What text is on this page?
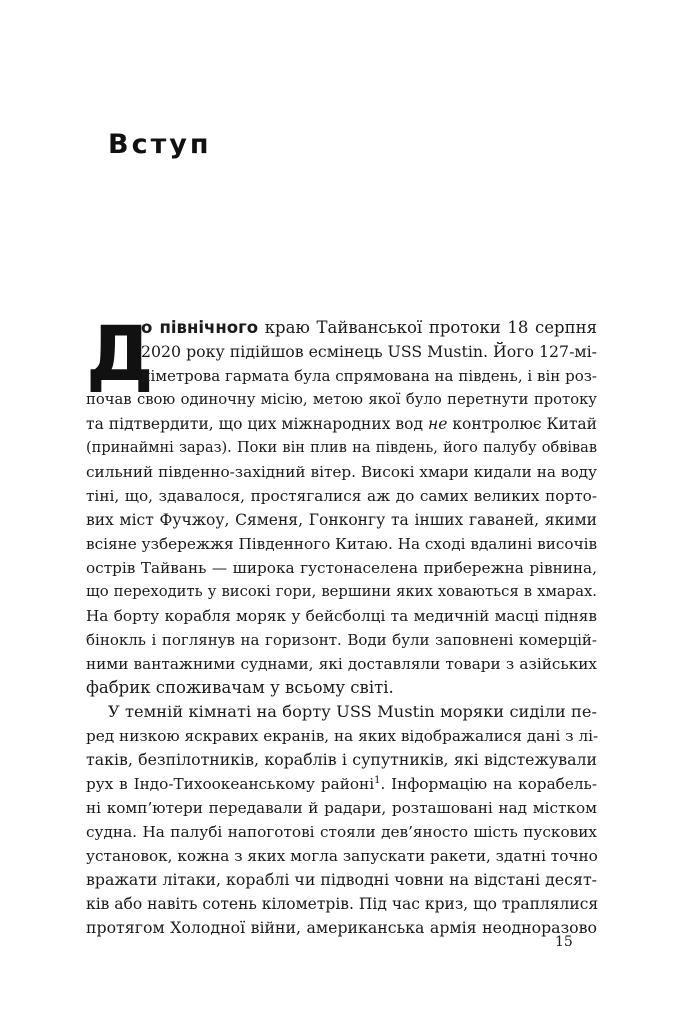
Вступ
Д
о північного краю Тайванської протоки 18 серпня
2020 року підійшов есмінець USS Mustin. Його 127-мі-
ліметрова гармата була спрямована на південь, і він роз-
почав свою одиночну місію, метою якої було перетнути протоку
та підтвердити, що цих міжнародних вод не контролює Китай
(принаймні зараз). Поки він плив на південь, його палубу обвівав
сильний південно-західний вітер. Високі хмари кидали на воду
тіні, що, здавалося, простягалися аж до самих великих порто-
вих міст Фучжоу, Сяменя, Гонконгу та інших гаваней, якими
всіяне узбережжя Південного Китаю. На сході вдалині височів
острів Тайвань — широка густонаселена прибережна рівнина,
що переходить у високі гори, вершини яких ховаються в хмарах.
На борту корабля моряк у бейсболці та медичній масці підняв
бінокль і поглянув на горизонт. Води були заповнені комерцій-
ними вантажними суднами, які доставляли товари з азійських
фабрик споживачам у всьому світі.
У темній кімнаті на борту USS Mustin моряки сиділи пе-
ред низкою яскравих екранів, на яких відображалися дані з лі-
таків, безпілотників, кораблів і супутників, які відстежували
рух в Індо-Тихоокеанському районі$^1$. Інформацію на корабель-
ні комп’ютери передавали й радари, розташовані над містком
судна. На палубі напоготові стояли дев’яносто шість пускових
установок, кожна з яких могла запускати ракети, здатні точно
вражати літаки, кораблі чи підводні човни на відстані десят-
ків або навіть сотень кілометрів. Під час криз, що траплялися
протягом Холодної війни, американська армія неодноразово
15
